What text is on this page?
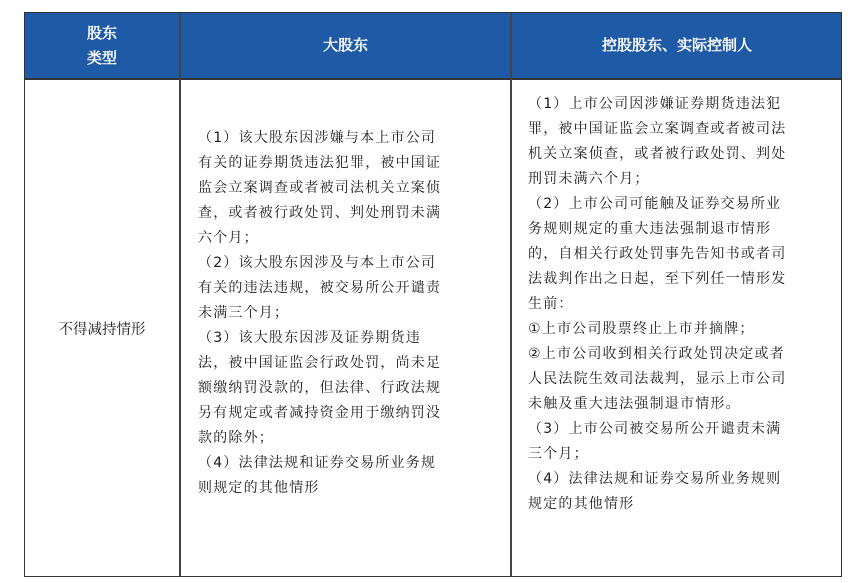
股东
类型
大股东	控股股东、实际控制人
不得减持情形

（1）该大股东因涉嫌与本上市公司
有关的证券期货违法犯罪，被中国证
监会立案调查或者被司法机关立案侦
查，或者被行政处罚、判处刑罚未满
六个月；

（2）该大股东因涉及与本上市公司
有关的违法违规，被交易所公开谴责
未满三个月；

（3）该大股东因涉及证券期货违
法，被中国证监会行政处罚，尚未足
额缴纳罚没款的，但法律、行政法规
另有规定或者减持资金用于缴纳罚没
款的除外；

（4）法律法规和证券交易所业务规
则规定的其他情形

（1）上市公司因涉嫌证券期货违法犯
罪，被中国证监会立案调查或者被司法
机关立案侦查，或者被行政处罚、判处
刑罚未满六个月；

（2）上市公司可能触及证券交易所业
务规则规定的重大违法强制退市情形
的，自相关行政处罚事先告知书或者司
法裁判作出之日起，至下列任一情形发
生前：

①上市公司股票终止上市并摘牌；

②上市公司收到相关行政处罚决定或者
人民法院生效司法裁判，显示上市公司
未触及重大违法强制退市情形。

（3）上市公司被交易所公开谴责未满
三个月；

（4）法律法规和证券交易所业务规则
规定的其他情形
